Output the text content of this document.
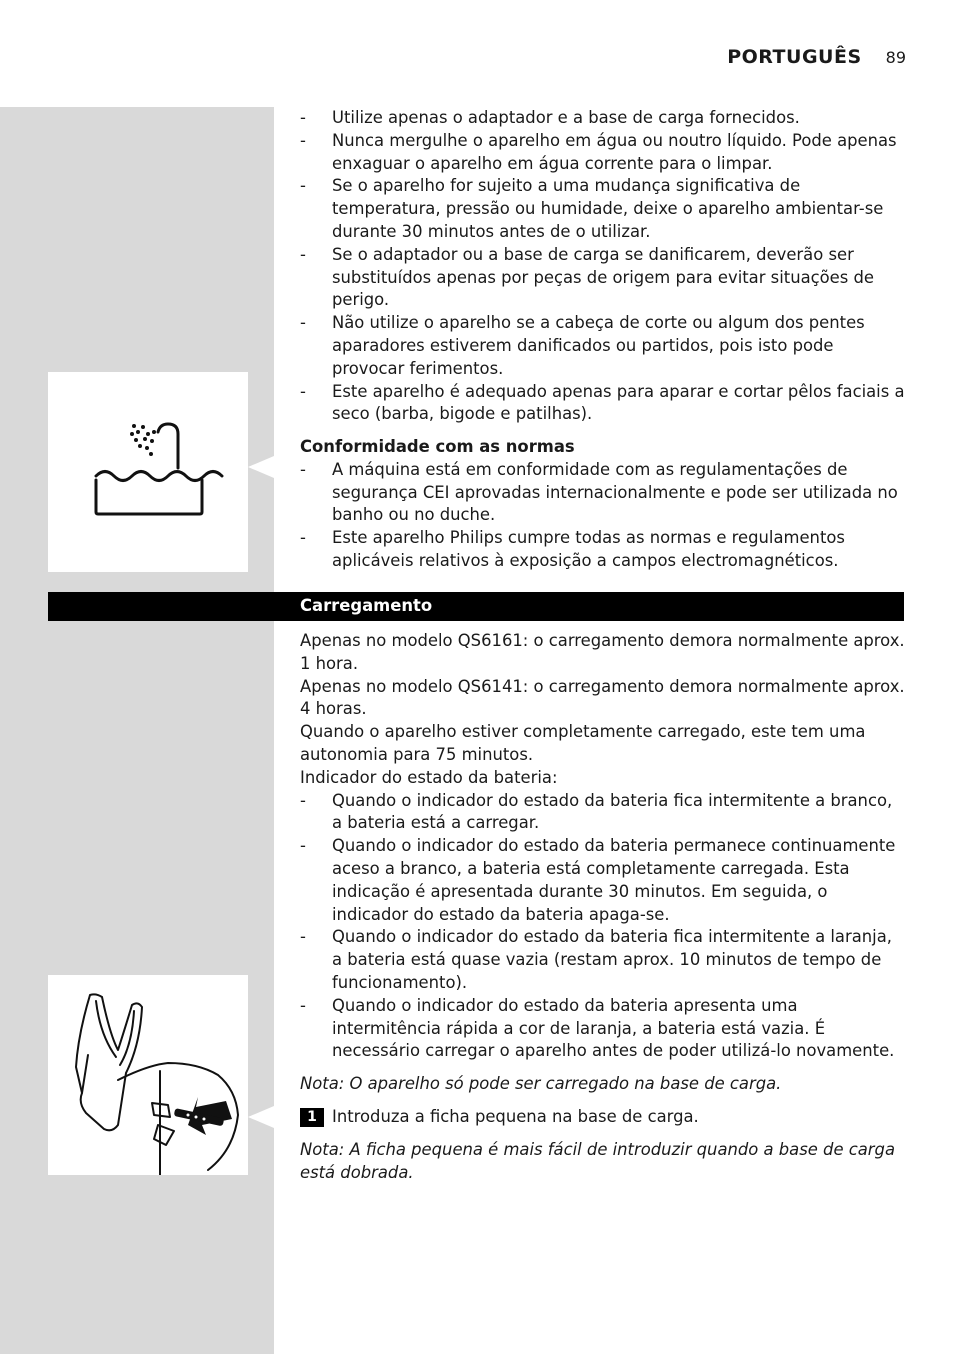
PORTUGUÊS 89
- Utilize apenas o adaptador e a base de carga fornecidos.
- Nunca mergulhe o aparelho em água ou noutro líquido. Pode apenas enxaguar o aparelho em água corrente para o limpar.
- Se o aparelho for sujeito a uma mudança significativa de temperatura, pressão ou humidade, deixe o aparelho ambientar-se durante 30 minutos antes de o utilizar.
- Se o adaptador ou a base de carga se danificarem, deverão ser substituídos apenas por peças de origem para evitar situações de perigo.
- Não utilize o aparelho se a cabeça de corte ou algum dos pentes aparadores estiverem danificados ou partidos, pois isto pode provocar ferimentos.
- Este aparelho é adequado apenas para aparar e cortar pêlos faciais a seco (barba, bigode e patilhas).
Conformidade com as normas
- A máquina está em conformidade com as regulamentações de segurança CEI aprovadas internacionalmente e pode ser utilizada no banho ou no duche.
- Este aparelho Philips cumpre todas as normas e regulamentos aplicáveis relativos à exposição a campos electromagnéticos.
Carregamento

Apenas no modelo QS6161: o carregamento demora normalmente aprox. 1 hora.

Apenas no modelo QS6141: o carregamento demora normalmente aprox. 4 horas.

Quando o aparelho estiver completamente carregado, este tem uma autonomia para 75 minutos.

Indicador do estado da bateria:

- Quando o indicador do estado da bateria fica intermitente a branco, a bateria está a carregar.
- Quando o indicador do estado da bateria permanece continuamente aceso a branco, a bateria está completamente carregada. Esta indicação é apresentada durante 30 minutos. Em seguida, o indicador do estado da bateria apaga-se.
- Quando o indicador do estado da bateria fica intermitente a laranja, a bateria está quase vazia (restam aprox. 10 minutos de tempo de funcionamento).
- Quando o indicador do estado da bateria apresenta uma intermitência rápida a cor de laranja, a bateria está vazia. É necessário carregar o aparelho antes de poder utilizá-lo novamente.

Nota: O aparelho só pode ser carregado na base de carga.

1 Introduza a ficha pequena na base de carga.

Nota: A ficha pequena é mais fácil de introduzir quando a base de carga está dobrada.
